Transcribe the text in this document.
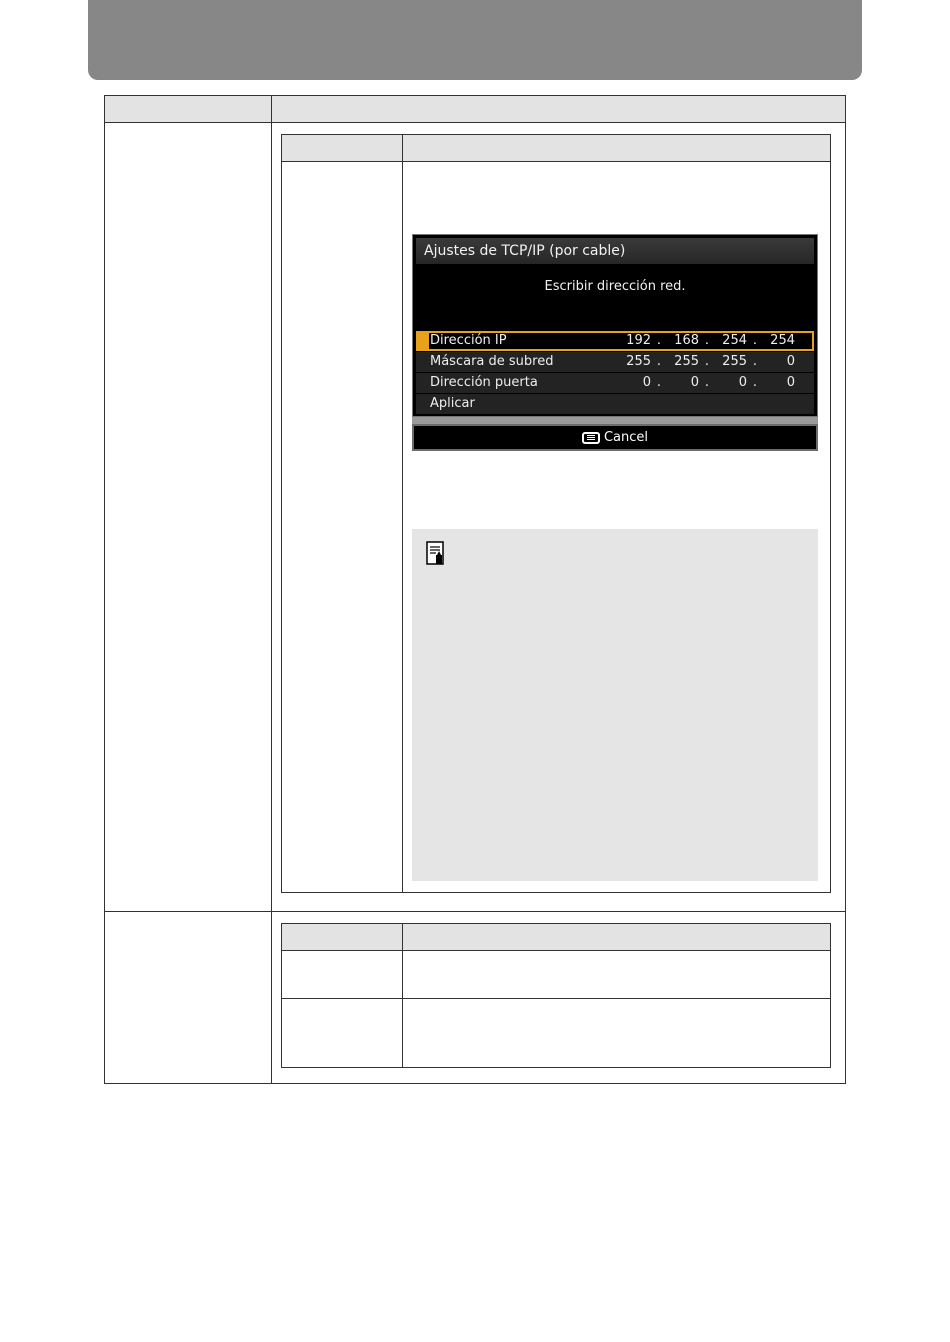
Ajustes de TCP/IP (por cable)
Escribir dirección red.
Dirección IP	192 .	168 .	254 .	254
Máscara de subred	255 .	255 .	255 .	0
Dirección puerta	0 .	0 .	0 .	0
Aplicar
Cancel
